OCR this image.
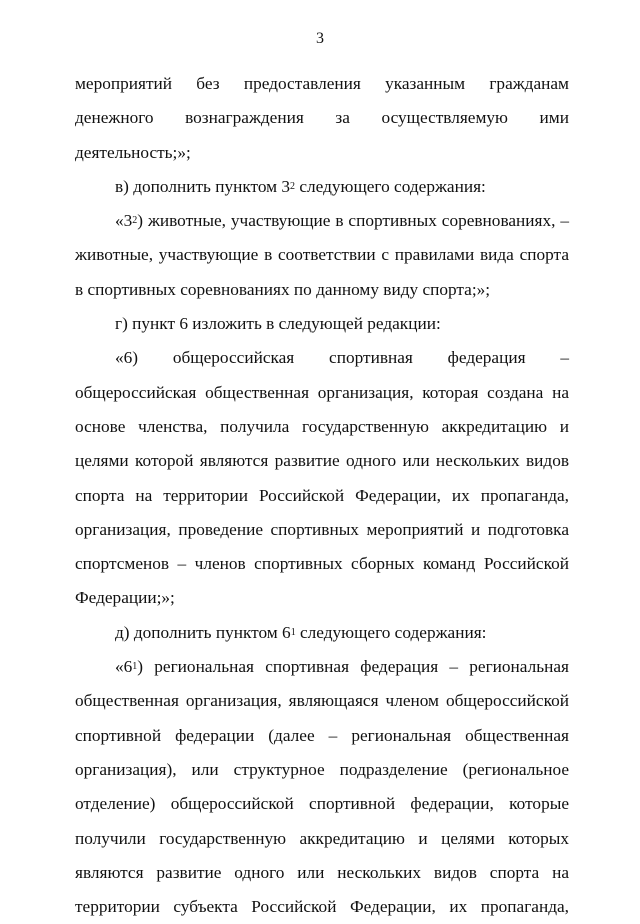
3

мероприятий без предоставления указанным гражданам денежного вознаграждения за осуществляемую ими деятельность;»;

в) дополнить пунктом $3^2$ следующего содержания:

«$3^2$) животные, участвующие в спортивных соревнованиях, – животные, участвующие в соответствии с правилами вида спорта в спортивных соревнованиях по данному виду спорта;»;

г) пункт 6 изложить в следующей редакции:

«6) общероссийская спортивная федерация – общероссийская общественная организация, которая создана на основе членства, получила государственную аккредитацию и целями которой являются развитие одного или нескольких видов спорта на территории Российской Федерации, их пропаганда, организация, проведение спортивных мероприятий и подготовка спортсменов – членов спортивных сборных команд Российской Федерации;»;

д) дополнить пунктом $6^1$ следующего содержания:

«$6^1$) региональная спортивная федерация – региональная общественная организация, являющаяся членом общероссийской спортивной федерации (далее – региональная общественная организация), или структурное подразделение (региональное отделение) общероссийской спортивной федерации, которые получили государственную аккредитацию и целями которых являются развитие одного или нескольких видов спорта на территории субъекта Российской Федерации, их пропаганда,
